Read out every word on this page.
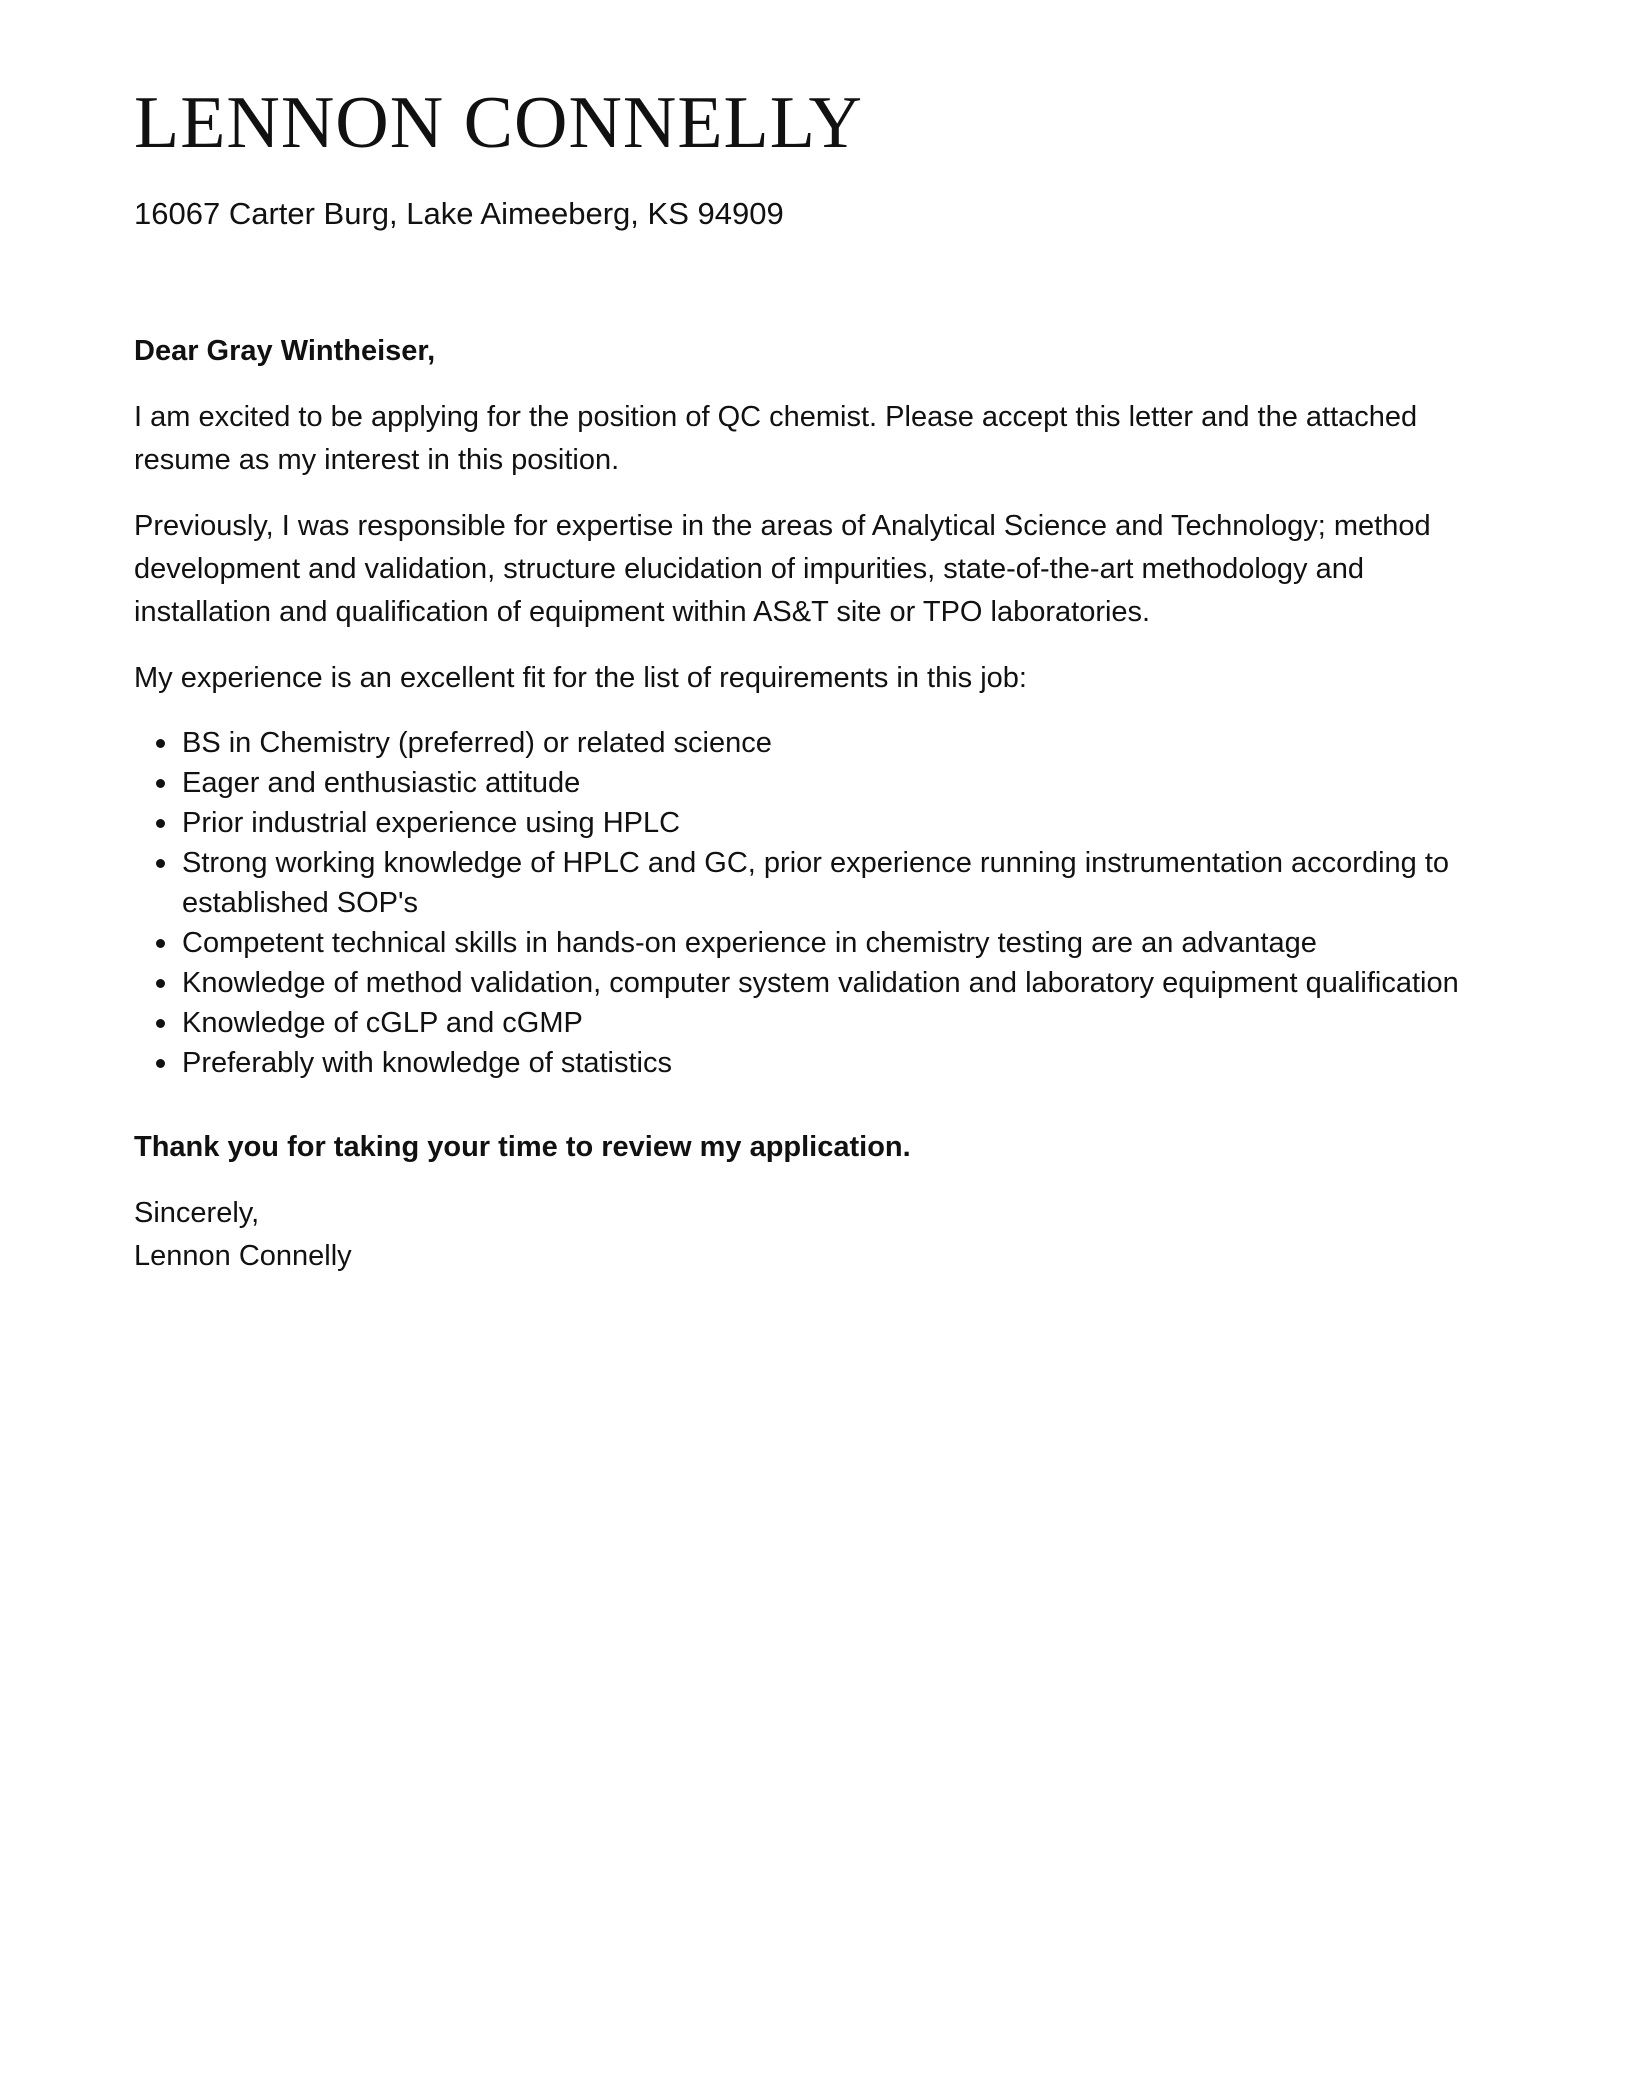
LENNON CONNELLY

16067 Carter Burg, Lake Aimeeberg, KS 94909

Dear Gray Wintheiser,

I am excited to be applying for the position of QC chemist. Please accept this letter and the attached resume as my interest in this position.

Previously, I was responsible for expertise in the areas of Analytical Science and Technology; method development and validation, structure elucidation of impurities, state-of-the-art methodology and installation and qualification of equipment within AS&T site or TPO laboratories.

My experience is an excellent fit for the list of requirements in this job:

BS in Chemistry (preferred) or related science
Eager and enthusiastic attitude
Prior industrial experience using HPLC
Strong working knowledge of HPLC and GC, prior experience running instrumentation according to established SOP's
Competent technical skills in hands-on experience in chemistry testing are an advantage
Knowledge of method validation, computer system validation and laboratory equipment qualification
Knowledge of cGLP and cGMP
Preferably with knowledge of statistics

Thank you for taking your time to review my application.

Sincerely,

Lennon Connelly
